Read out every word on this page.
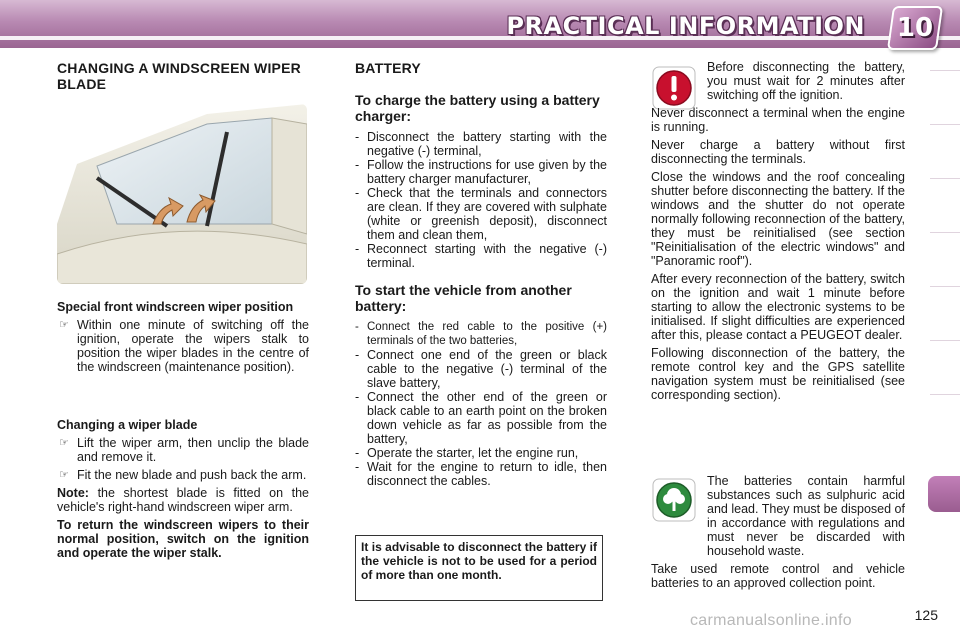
PRACTICAL INFORMATION 10
CHANGING A WINDSCREEN WIPER BLADE

Special front windscreen wiper position

☞ Within one minute of switching off the ignition, operate the wipers stalk to position the wiper blades in the centre of the windscreen (maintenance position).

Changing a wiper blade

☞ Lift the wiper arm, then unclip the blade and remove it.
☞ Fit the new blade and push back the arm.

Note: the shortest blade is fitted on the vehicle's right-hand windscreen wiper arm.

To return the windscreen wipers to their normal position, switch on the ignition and operate the wiper stalk.

BATTERY
To charge the battery using a battery charger:
- Disconnect the battery starting with the negative (-) terminal,
- Follow the instructions for use given by the battery charger manufacturer,
- Check that the terminals and connectors are clean. If they are covered with sulphate (white or greenish deposit), disconnect them and clean them,
- Reconnect starting with the negative (-) terminal.
To start the vehicle from another battery:
- Connect the red cable to the positive (+) terminals of the two batteries,
- Connect one end of the green or black cable to the negative (-) terminal of the slave battery,
- Connect the other end of the green or black cable to an earth point on the broken down vehicle as far as possible from the battery,
- Operate the starter, let the engine run,
- Wait for the engine to return to idle, then disconnect the cables.

It is advisable to disconnect the battery if the vehicle is not to be used for a period of more than one month.

Before disconnecting the battery, you must wait for 2 minutes after switching off the ignition.

Never disconnect a terminal when the engine is running.

Never charge a battery without first disconnecting the terminals.

Close the windows and the roof concealing shutter before disconnecting the battery. If the windows and the shutter do not operate normally following reconnection of the battery, they must be reinitialised (see section "Reinitialisation of the electric windows" and "Panoramic roof").

After every reconnection of the battery, switch on the ignition and wait 1 minute before starting to allow the electronic systems to be initialised. If slight difficulties are experienced after this, please contact a PEUGEOT dealer.

Following disconnection of the battery, the remote control key and the GPS satellite navigation system must be reinitialised (see corresponding section).

The batteries contain harmful substances such as sulphuric acid and lead. They must be disposed of in accordance with regulations and must never be discarded with household waste.

Take used remote control and vehicle batteries to an approved collection point.

125
carmanualsonline.info
